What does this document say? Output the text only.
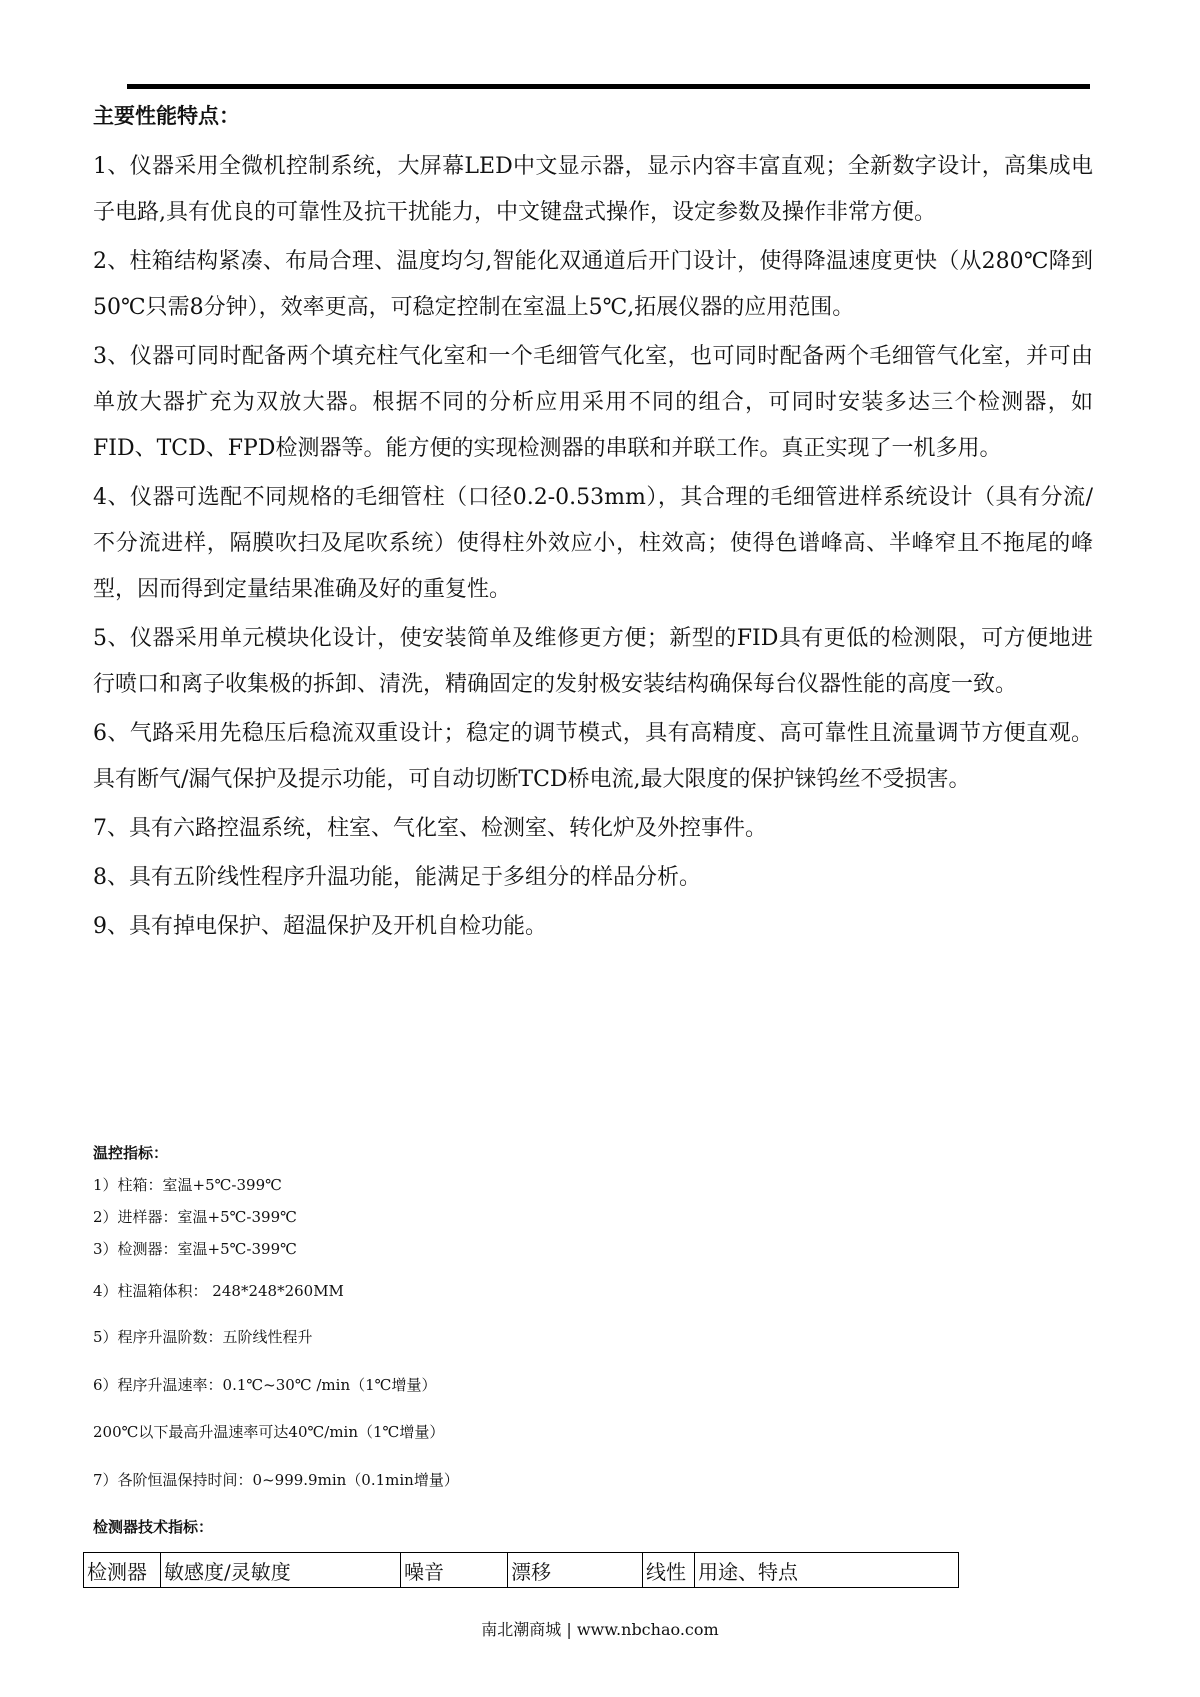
主要性能特点：
1、仪器采用全微机控制系统，大屏幕LED中文显示器，显示内容丰富直观；全新数字设计，高集成电子电路,具有优良的可靠性及抗干扰能力，中文键盘式操作，设定参数及操作非常方便。
2、柱箱结构紧凑、布局合理、温度均匀,智能化双通道后开门设计，使得降温速度更快（从280℃降到50℃只需8分钟），效率更高，可稳定控制在室温上5℃,拓展仪器的应用范围。
3、仪器可同时配备两个填充柱气化室和一个毛细管气化室，也可同时配备两个毛细管气化室，并可由单放大器扩充为双放大器。根据不同的分析应用采用不同的组合，可同时安装多达三个检测器，如FID、TCD、FPD检测器等。能方便的实现检测器的串联和并联工作。真正实现了一机多用。
4、仪器可选配不同规格的毛细管柱（口径0.2-0.53mm），其合理的毛细管进样系统设计（具有分流/不分流进样，隔膜吹扫及尾吹系统）使得柱外效应小，柱效高；使得色谱峰高、半峰窄且不拖尾的峰型，因而得到定量结果准确及好的重复性。
5、仪器采用单元模块化设计，使安装简单及维修更方便；新型的FID具有更低的检测限，可方便地进行喷口和离子收集极的拆卸、清洗，精确固定的发射极安装结构确保每台仪器性能的高度一致。
6、气路采用先稳压后稳流双重设计；稳定的调节模式，具有高精度、高可靠性且流量调节方便直观。具有断气/漏气保护及提示功能，可自动切断TCD桥电流,最大限度的保护铼钨丝不受损害。
7、具有六路控温系统，柱室、气化室、检测室、转化炉及外控事件。
8、具有五阶线性程序升温功能，能满足于多组分的样品分析。
9、具有掉电保护、超温保护及开机自检功能。
温控指标：
1）柱箱：室温+5℃-399℃
2）进样器：室温+5℃-399℃
3）检测器：室温+5℃-399℃
4）柱温箱体积： 248*248*260MM
5）程序升温阶数：五阶线性程升
6）程序升温速率：0.1℃~30℃ /min（1℃增量）
200℃以下最高升温速率可达40℃/min（1℃增量）
7）各阶恒温保持时间：0~999.9min（0.1min增量）
检测器技术指标：
检测器	敏感度/灵敏度	噪音	漂移	线性	用途、特点
南北潮商城 | www.nbchao.com
